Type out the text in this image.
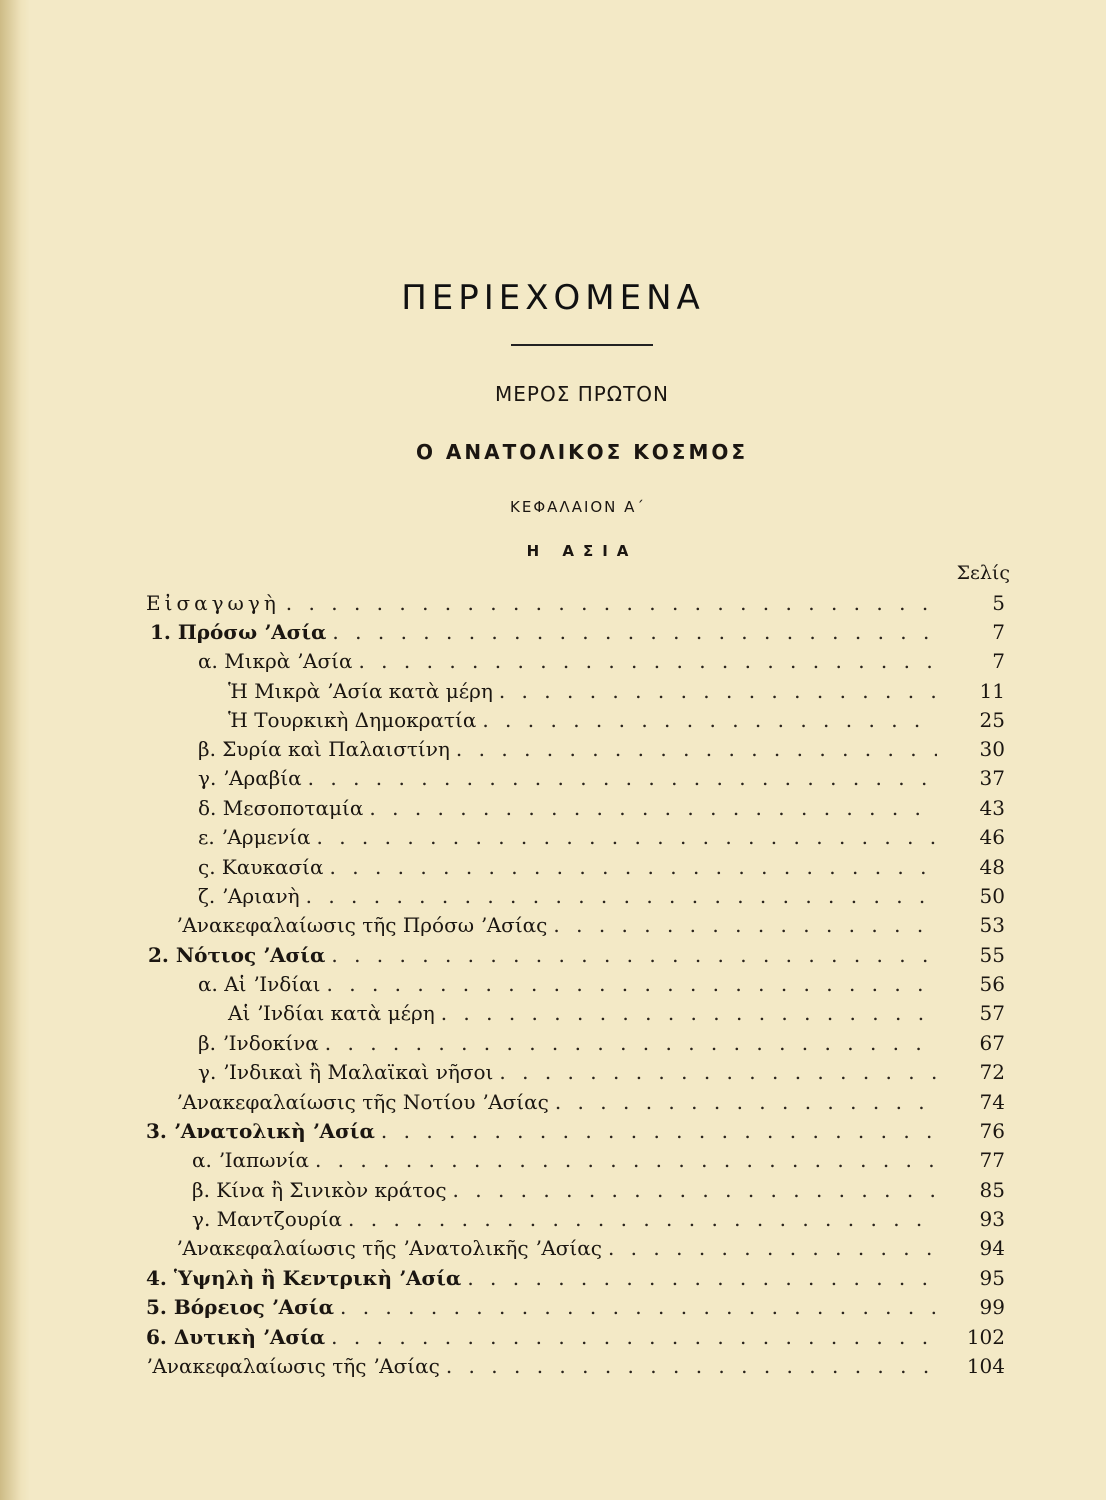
ΠΕΡΙΕΧΟΜΕΝΑ
ΜΕΡΟΣ ΠΡΩΤΟΝ
Ο ΑΝΑΤΟΛΙΚΟΣ ΚΟΣΜΟΣ
ΚΕΦΑΛΑΙΟΝ Α΄
Η ΑΣΙΑ
Σελίς
Εἰσαγωγὴ . . .	5
1. Πρόσω ʼΑσία . . .	7
α. Μικρὰ ʼΑσία . . .	7
Ἡ Μικρὰ ʼΑσία κατὰ μέρη . . .	11
Ἡ Τουρκικὴ Δημοκρατία . . .	25
β. Συρία καὶ Παλαιστίνη . . .	30
γ. ʼΑραβία . . .	37
δ. Μεσοποταμία . . .	43
ε. ʼΑρμενία . . .	46
ς. Καυκασία . . .	48
ζ. ʼΑριανὴ . . .	50
ʼΑνακεφαλαίωσις τῆς Πρόσω ʼΑσίας . . .	53
2. Νότιος ʼΑσία . . .	55
α. Αἱ ʼΙνδίαι . . .	56
Αἱ ʼΙνδίαι κατὰ μέρη . . .	57
β. ʼΙνδοκίνα . . .	67
γ. ʼΙνδικαὶ ἢ Μαλαϊκαὶ νῆσοι . . .	72
ʼΑνακεφαλαίωσις τῆς Νοτίου ʼΑσίας . . .	74
3. ʼΑνατολικὴ ʼΑσία . . .	76
α. ʼΙαπωνία . . .	77
β. Κίνα ἢ Σινικὸν κράτος . . .	85
γ. Μαντζουρία . . .	93
ʼΑνακεφαλαίωσις τῆς ʼΑνατολικῆς ʼΑσίας . . .	94
4. Ὑψηλὴ ἢ Κεντρικὴ ʼΑσία . . .	95
5. Βόρειος ʼΑσία . . .	99
6. Δυτικὴ ʼΑσία . . .	102
ʼΑνακεφαλαίωσις τῆς ʼΑσίας . . .	104
